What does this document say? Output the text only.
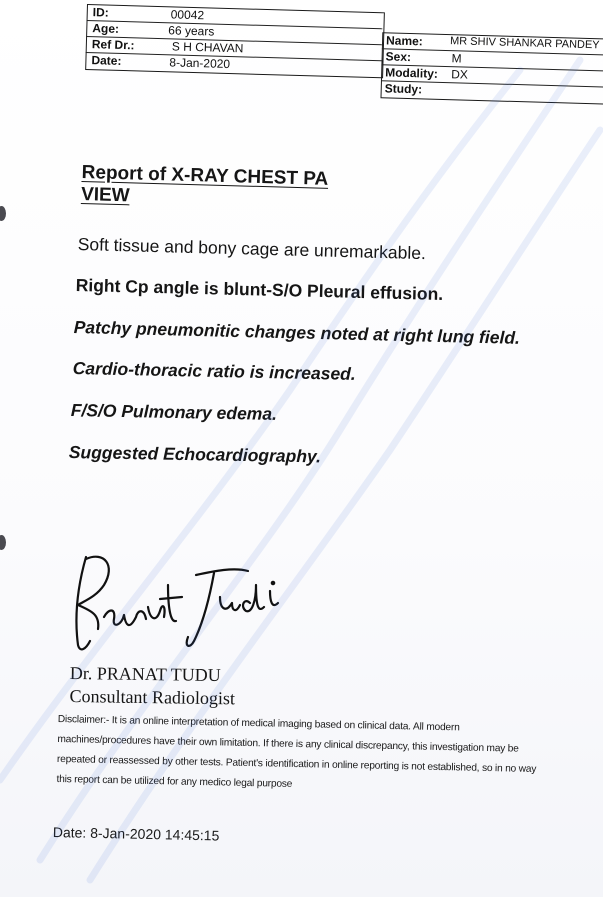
ID:	00042
Age:	66 years
Ref Dr.:	S H CHAVAN
Date:	8-Jan-2020
Name: MR SHIV SHANKAR PANDEY
Sex:	M
Modality: DX
Study:
Report of X-RAY CHEST PA
VIEW
Soft tissue and bony cage are unremarkable.
Right Cp angle is blunt-S/O Pleural effusion.
Patchy pneumonitic changes noted at right lung field.
Cardio-thoracic ratio is increased.
F/S/O Pulmonary edema.
Suggested Echocardiography.
Dr. PRANAT TUDU
Consultant Radiologist
Disclaimer:- It is an online interpretation of medical imaging based on clinical data. All modern
machines/procedures have their own limitation. If there is any clinical discrepancy, this investigation may be
repeated or reassessed by other tests. Patient's identification in online reporting is not established, so in no way
this report can be utilized for any medico legal purpose
Date: 8-Jan-2020 14:45:15
